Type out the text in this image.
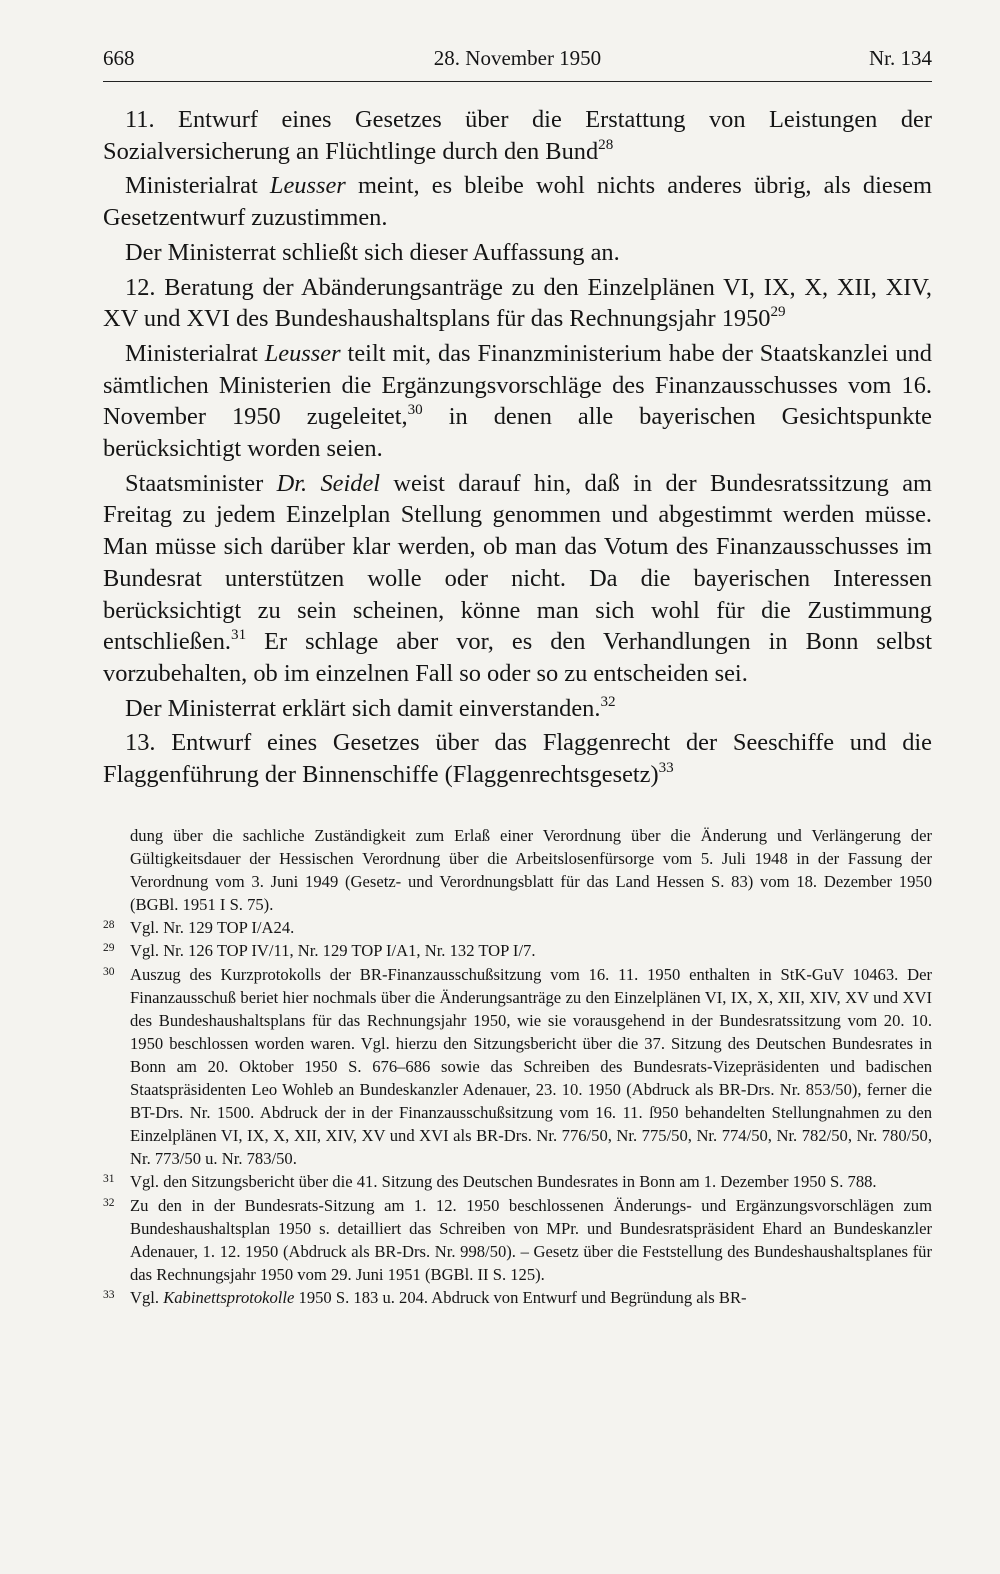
668	28. November 1950	Nr. 134

11. Entwurf eines Gesetzes über die Erstattung von Leistungen der Sozialversicherung an Flüchtlinge durch den Bund$^{28}$

Ministerialrat Leusser meint, es bleibe wohl nichts anderes übrig, als diesem Gesetzentwurf zuzustimmen.

Der Ministerrat schließt sich dieser Auffassung an.

12. Beratung der Abänderungsanträge zu den Einzelplänen VI, IX, X, XII, XIV, XV und XVI des Bundeshaushaltsplans für das Rechnungsjahr 1950$^{29}$

Ministerialrat Leusser teilt mit, das Finanzministerium habe der Staatskanzlei und sämtlichen Ministerien die Ergänzungsvorschläge des Finanzausschusses vom 16. November 1950 zugeleitet,$^{30}$ in denen alle bayerischen Gesichtspunkte berücksichtigt worden seien.

Staatsminister Dr. Seidel weist darauf hin, daß in der Bundesratssitzung am Freitag zu jedem Einzelplan Stellung genommen und abgestimmt werden müsse. Man müsse sich darüber klar werden, ob man das Votum des Finanzausschusses im Bundesrat unterstützen wolle oder nicht. Da die bayerischen Interessen berücksichtigt zu sein scheinen, könne man sich wohl für die Zustimmung entschließen.$^{31}$ Er schlage aber vor, es den Verhandlungen in Bonn selbst vorzubehalten, ob im einzelnen Fall so oder so zu entscheiden sei.

Der Ministerrat erklärt sich damit einverstanden.$^{32}$

13. Entwurf eines Gesetzes über das Flaggenrecht der Seeschiffe und die Flaggenführung der Binnenschiffe (Flaggenrechtsgesetz)$^{33}$

dung über die sachliche Zuständigkeit zum Erlaß einer Verordnung über die Änderung und Verlängerung der Gültigkeitsdauer der Hessischen Verordnung über die Arbeitslosenfürsorge vom 5. Juli 1948 in der Fassung der Verordnung vom 3. Juni 1949 (Gesetz- und Verordnungsblatt für das Land Hessen S. 83) vom 18. Dezember 1950 (BGBl. 1951 I S. 75).

28 Vgl. Nr. 129 TOP I/A24.

29 Vgl. Nr. 126 TOP IV/11, Nr. 129 TOP I/A1, Nr. 132 TOP I/7.

30 Auszug des Kurzprotokolls der BR-Finanzausschußsitzung vom 16. 11. 1950 enthalten in StK-GuV 10463. Der Finanzausschuß beriet hier nochmals über die Änderungsanträge zu den Einzelplänen VI, IX, X, XII, XIV, XV und XVI des Bundeshaushaltsplans für das Rechnungsjahr 1950, wie sie vorausgehend in der Bundesratssitzung vom 20. 10. 1950 beschlossen worden waren. Vgl. hierzu den Sitzungsbericht über die 37. Sitzung des Deutschen Bundesrates in Bonn am 20. Oktober 1950 S. 676–686 sowie das Schreiben des Bundesrats-Vizepräsidenten und badischen Staatspräsidenten Leo Wohleb an Bundeskanzler Adenauer, 23. 10. 1950 (Abdruck als BR-Drs. Nr. 853/50), ferner die BT-Drs. Nr. 1500. Abdruck der in der Finanzausschußsitzung vom 16. 11. ſ950 behandelten Stellungnahmen zu den Einzelplänen VI, IX, X, XII, XIV, XV und XVI als BR-Drs. Nr. 776/50, Nr. 775/50, Nr. 774/50, Nr. 782/50, Nr. 780/50, Nr. 773/50 u. Nr. 783/50.

31 Vgl. den Sitzungsbericht über die 41. Sitzung des Deutschen Bundesrates in Bonn am 1. Dezember 1950 S. 788.

32 Zu den in der Bundesrats-Sitzung am 1. 12. 1950 beschlossenen Änderungs- und Ergänzungsvorschlägen zum Bundeshaushaltsplan 1950 s. detailliert das Schreiben von MPr. und Bundesratspräsident Ehard an Bundeskanzler Adenauer, 1. 12. 1950 (Abdruck als BR-Drs. Nr. 998/50). – Gesetz über die Feststellung des Bundeshaushaltsplanes für das Rechnungsjahr 1950 vom 29. Juni 1951 (BGBl. II S. 125).

33 Vgl. Kabinettsprotokolle 1950 S. 183 u. 204. Abdruck von Entwurf und Begründung als BR-
